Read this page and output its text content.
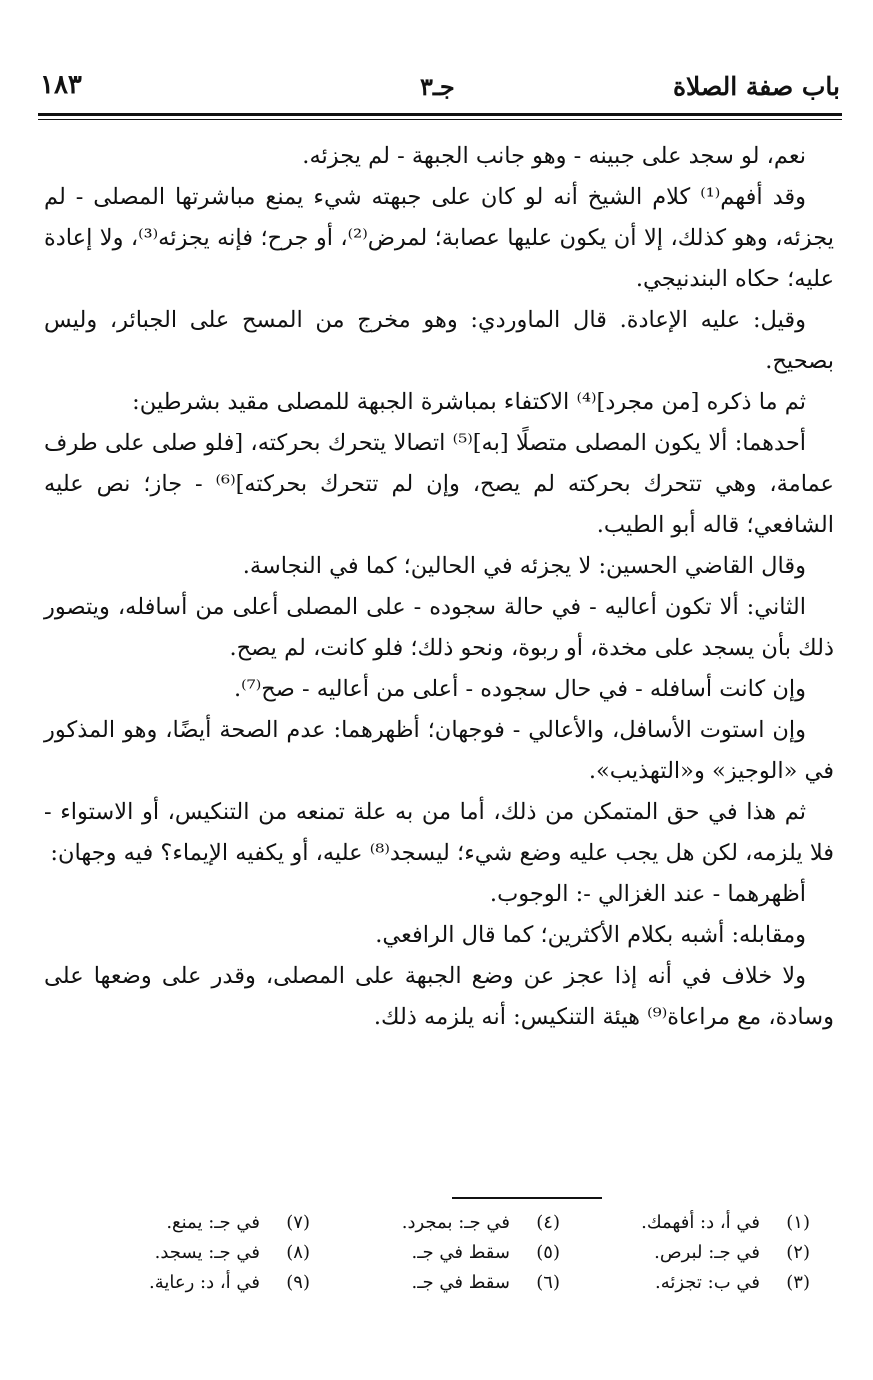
باب صفة الصلاة
جـ٣
١٨٣

نعم، لو سجد على جبينه - وهو جانب الجبهة - لم يجزئه.

وقد أفهم⁽¹⁾ كلام الشيخ أنه لو كان على جبهته شيء يمنع مباشرتها المصلى - لم يجزئه، وهو كذلك، إلا أن يكون عليها عصابة؛ لمرض⁽²⁾، أو جرح؛ فإنه يجزئه⁽³⁾، ولا إعادة عليه؛ حكاه البندنيجي.

وقيل: عليه الإعادة. قال الماوردي: وهو مخرج من المسح على الجبائر، وليس بصحيح.

ثم ما ذكره [من مجرد]⁽⁴⁾ الاكتفاء بمباشرة الجبهة للمصلى مقيد بشرطين:

أحدهما: ألا يكون المصلى متصلًا [به]⁽⁵⁾ اتصالا يتحرك بحركته، [فلو صلى على طرف عمامة، وهي تتحرك بحركته لم يصح، وإن لم تتحرك بحركته]⁽⁶⁾ - جاز؛ نص عليه الشافعي؛ قاله أبو الطيب.

وقال القاضي الحسين: لا يجزئه في الحالين؛ كما في النجاسة.

الثاني: ألا تكون أعاليه - في حالة سجوده - على المصلى أعلى من أسافله، ويتصور ذلك بأن يسجد على مخدة، أو ربوة، ونحو ذلك؛ فلو كانت، لم يصح.

وإن كانت أسافله - في حال سجوده - أعلى من أعاليه - صح⁽⁷⁾.

وإن استوت الأسافل، والأعالي - فوجهان؛ أظهرهما: عدم الصحة أيضًا، وهو المذكور في «الوجيز» و«التهذيب».

ثم هذا في حق المتمكن من ذلك، أما من به علة تمنعه من التنكيس، أو الاستواء - فلا يلزمه، لكن هل يجب عليه وضع شيء؛ ليسجد⁽⁸⁾ عليه، أو يكفيه الإيماء؟ فيه وجهان:

أظهرهما - عند الغزالي -: الوجوب.

ومقابله: أشبه بكلام الأكثرين؛ كما قال الرافعي.

ولا خلاف في أنه إذا عجز عن وضع الجبهة على المصلى، وقدر على وضعها على وسادة، مع مراعاة⁽⁹⁾ هيئة التنكيس: أنه يلزمه ذلك.

(١)في أ، د: أفهمك.
(٢)في جـ: لبرص.
(٣)في ب: تجزئه.
(٤)في جـ: بمجرد.
(٥)سقط في جـ.
(٦)سقط في جـ.
(٧)في جـ: يمنع.
(٨)في جـ: يسجد.
(٩)في أ، د: رعاية.
